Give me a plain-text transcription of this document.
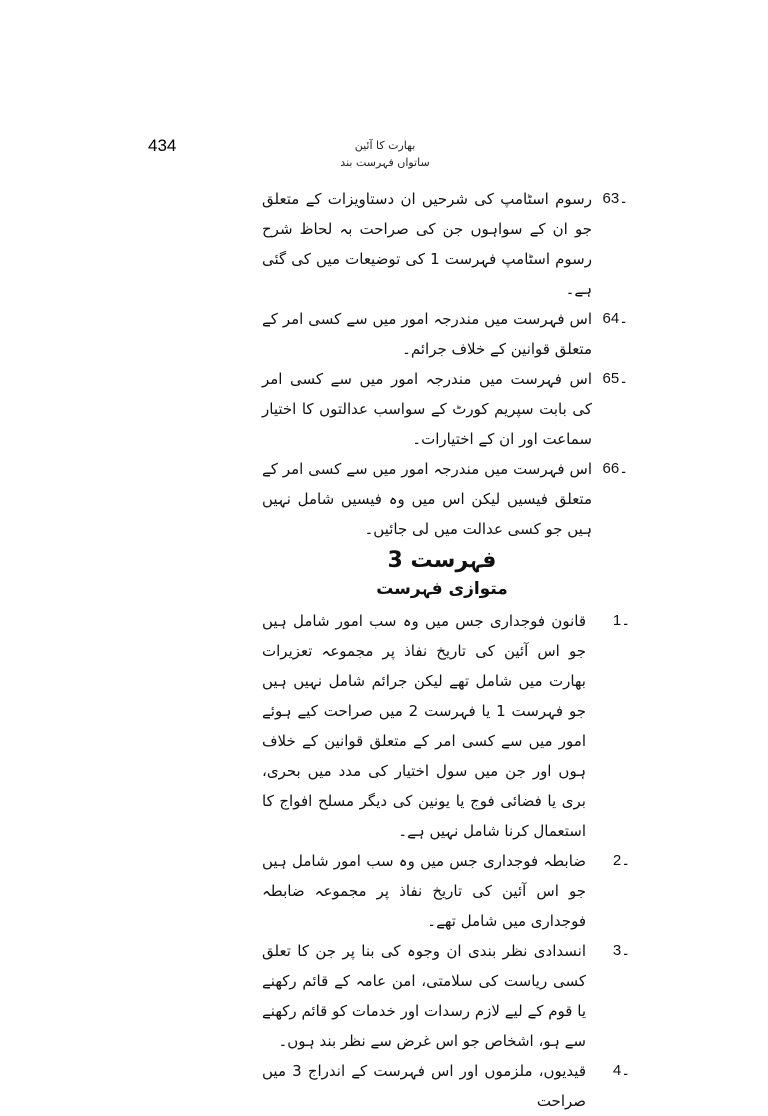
434	بھارت کا آئین
ساتواں فہرست بند

63۔
رسوم اسٹامپ کی شرحیں ان دستاویزات کے متعلق جو ان کے سواہوں جن کی صراحت بہ لحاظ شرح رسوم اسٹامپ فہرست 1 کی توضیعات میں کی گئی ہے۔

64۔
اس فہرست میں مندرجہ امور میں سے کسی امر کے متعلق قوانین کے خلاف جرائم۔

65۔
اس فہرست میں مندرجہ امور میں سے کسی امر کی بابت سپریم کورٹ کے سواسب عدالتوں کا اختیار سماعت اور ان کے اختیارات۔

66۔
اس فہرست میں مندرجہ امور میں سے کسی امر کے متعلق فیسیں لیکن اس میں وہ فیسیں شامل نہیں ہیں جو کسی عدالت میں لی جائیں۔

فہرست 3
متوازی فہرست

1۔
قانون فوجداری جس میں وہ سب امور شامل ہیں جو اس آئین کی تاریخ نفاذ پر مجموعہ تعزیرات بھارت میں شامل تھے لیکن جرائم شامل نہیں ہیں جو فہرست 1 یا فہرست 2 میں صراحت کیے ہوئے امور میں سے کسی امر کے متعلق قوانین کے خلاف ہوں اور جن میں سول اختیار کی مدد میں بحری، بری یا فضائی فوج یا یونین کی دیگر مسلح افواج کا استعمال کرنا شامل نہیں ہے۔

2۔
ضابطہ فوجداری جس میں وہ سب امور شامل ہیں جو اس آئین کی تاریخ نفاذ پر مجموعہ ضابطہ فوجداری میں شامل تھے۔

3۔
انسدادی نظر بندی ان وجوہ کی بنا پر جن کا تعلق کسی ریاست کی سلامتی، امن عامہ کے قائم رکھنے یا قوم کے لیے لازم رسدات اور خدمات کو قائم رکھنے سے ہو، اشخاص جو اس غرض سے نظر بند ہوں۔

4۔
قیدیوں، ملزموں اور اس فہرست کے اندراج 3 میں صراحت
